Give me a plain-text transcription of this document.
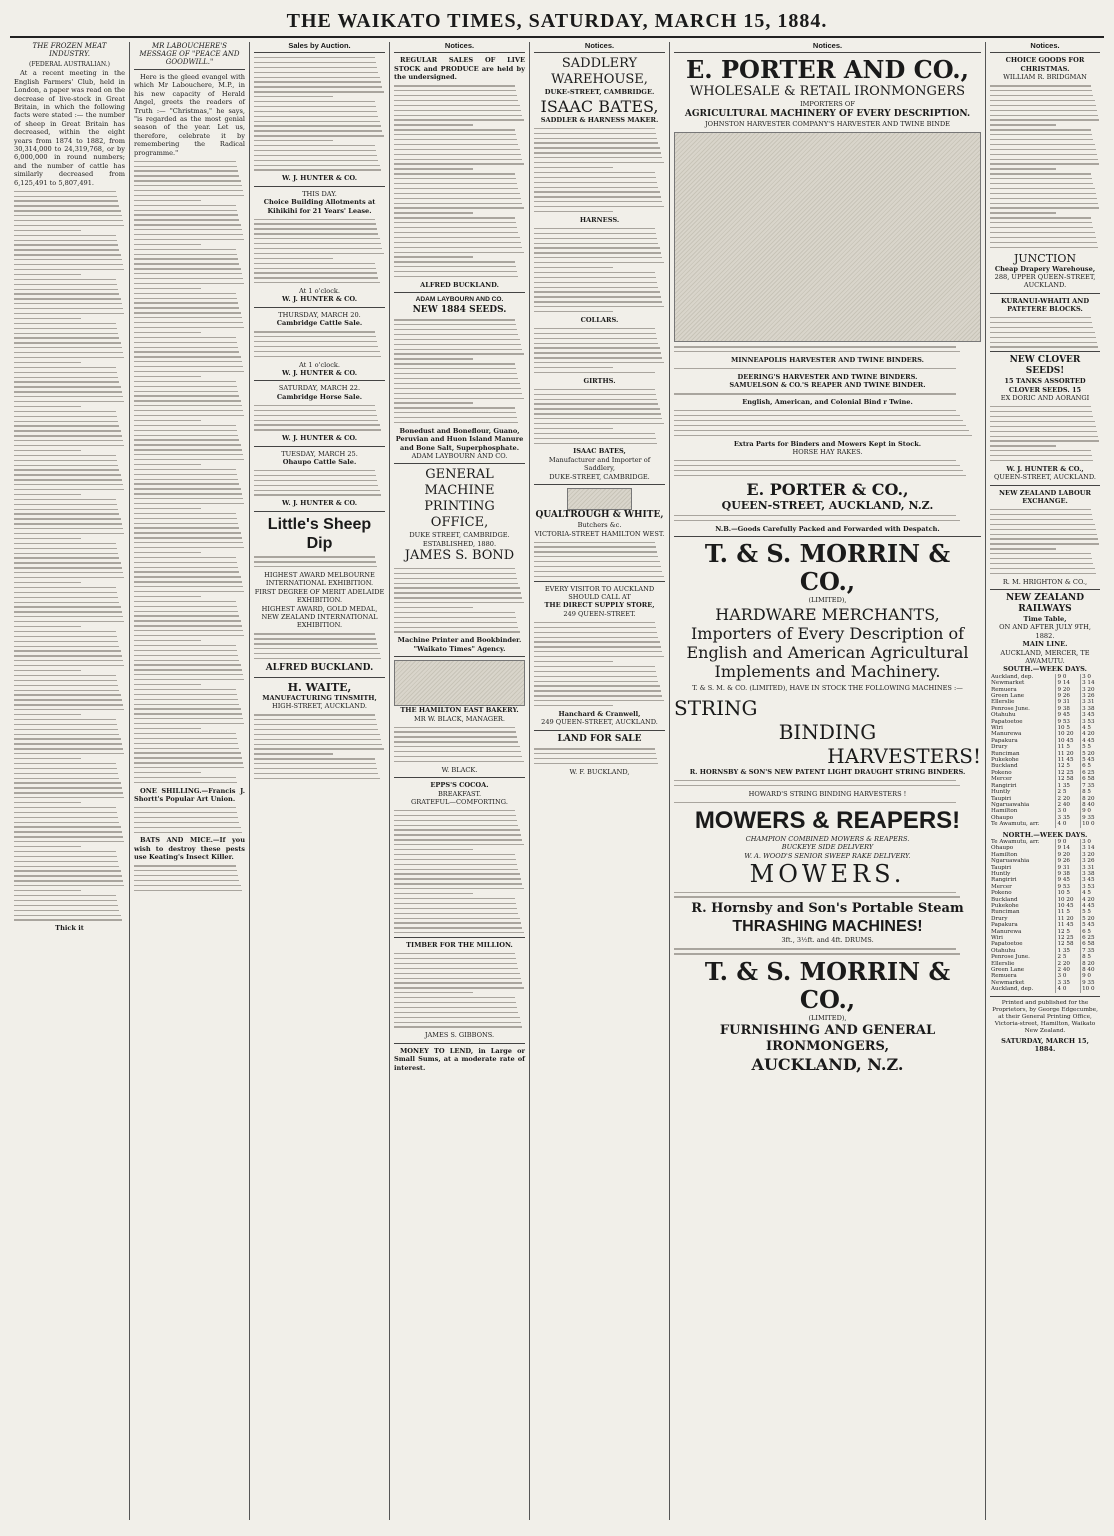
THE WAIKATO TIMES, SATURDAY, MARCH 15, 1884.
THE FROZEN MEAT INDUSTRY.
(FEDERAL AUSTRALIAN.)

At a recent meeting in the English Farmers' Club, held in London, a paper was read on the decrease of live-stock in Great Britain, in which the following facts were stated :— the number of sheep in Great Britain has decreased, within the eight years from 1874 to 1882, from 30,314,000 to 24,319,768, or by 6,000,000 in round numbers; and the number of cattle has similarly decreased from 6,125,491 to 5,807,491.

Thick it
MR LABOUCHERE'S MESSAGE OF "PEACE AND GOODWILL."

Here is the gleed evangel with which Mr Labouchere, M.P., in his new capacity of Herald Angel, greets the readers of Truth :— "Christmas," he says, "is regarded as the most genial season of the year. Let us, therefore, celebrate it by remembering the Radical programme."

ONE SHILLING.—Francis J. Shortt's Popular Art Union.

BATS AND MICE.—If you wish to destroy these pests use Keating's Insect Killer.

Sales by Auction.
W. J. HUNTER & CO.
THIS DAY.
Choice Building Allotments at Kihikihi for 21 Years' Lease.
At 1 o'clock.
W. J. HUNTER & CO.
THURSDAY, MARCH 20.
Cambridge Cattle Sale.
At 1 o'clock.
W. J. HUNTER & CO.
SATURDAY, MARCH 22.
Cambridge Horse Sale.
W. J. HUNTER & CO.
TUESDAY, MARCH 25.
Ohaupo Cattle Sale.
W. J. HUNTER & CO.
Little's Sheep Dip
HIGHEST AWARD MELBOURNE INTERNATIONAL EXHIBITION.
FIRST DEGREE OF MERIT ADELAIDE EXHIBITION.
HIGHEST AWARD, GOLD MEDAL, NEW ZEALAND INTERNATIONAL EXHIBITION.
ALFRED BUCKLAND.
H. WAITE,
MANUFACTURING TINSMITH,
HIGH-STREET, AUCKLAND.
Notices.

REGULAR SALES OF LIVE STOCK and PRODUCE are held by the undersigned.

ALFRED BUCKLAND.
ADAM LAYBOURN AND CO.
NEW 1884 SEEDS.
Bonedust and Boneflour, Guano, Peruvian and Huon Island Manure and Bone Salt, Superphosphate.
ADAM LAYBOURN AND CO.
GENERAL MACHINE PRINTING OFFICE,
DUKE STREET, CAMBRIDGE.
ESTABLISHED, 1880.
JAMES S. BOND
Machine Printer and Bookbinder.
"Waikato Times" Agency.
THE HAMILTON EAST BAKERY.
MR W. BLACK, MANAGER.
W. BLACK.
EPPS'S COCOA.
BREAKFAST.
GRATEFUL—COMFORTING.
TIMBER FOR THE MILLION.
JAMES S. GIBBONS.

MONEY TO LEND, in Large or Small Sums, at a moderate rate of interest.

Notices.
SADDLERY WAREHOUSE,
DUKE-STREET, CAMBRIDGE.
ISAAC BATES,
SADDLER & HARNESS MAKER.
HARNESS.
COLLARS.
GIRTHS.
ISAAC BATES,
Manufacturer and Importer of Saddlery,
DUKE-STREET, CAMBRIDGE.
QUALTROUGH & WHITE,
Butchers &c.
VICTORIA-STREET HAMILTON WEST.
EVERY VISITOR TO AUCKLAND SHOULD CALL AT
THE DIRECT SUPPLY STORE,
249 QUEEN-STREET.
Hanchard & Cranwell,
249 QUEEN-STREET, AUCKLAND.
LAND FOR SALE
W. F. BUCKLAND,
Notices.
E. PORTER AND CO.,
WHOLESALE & RETAIL IRONMONGERS
IMPORTERS OF
AGRICULTURAL MACHINERY OF EVERY DESCRIPTION.
JOHNSTON HARVESTER COMPANY'S HARVESTER AND TWINE BINDE
MINNEAPOLIS HARVESTER AND TWINE BINDERS.
DEERING'S HARVESTER AND TWINE BINDERS.
SAMUELSON & CO.'S REAPER AND TWINE BINDER.
English, American, and Colonial Bind r Twine.
Extra Parts for Binders and Mowers Kept in Stock.
HORSE HAY RAKES.
E. PORTER & CO.,
QUEEN-STREET, AUCKLAND, N.Z.
N.B.—Goods Carefully Packed and Forwarded with Despatch.
T. & S. MORRIN & CO.,
(LIMITED),
HARDWARE MERCHANTS,
Importers of Every Description of English and American Agricultural Implements and Machinery.
T. & S. M. & CO. (LIMITED), HAVE IN STOCK THE FOLLOWING MACHINES :—
STRING
BINDING
HARVESTERS!
R. HORNSBY & SON'S NEW PATENT LIGHT DRAUGHT STRING BINDERS.
HOWARD'S STRING BINDING HARVESTERS !
MOWERS & REAPERS!
CHAMPION COMBINED MOWERS & REAPERS.
BUCKEYE SIDE DELIVERY
W. A. WOOD'S SENIOR SWEEP RAKE DELIVERY.
MOWERS.
R. Hornsby and Son's Portable Steam
THRASHING MACHINES!
3ft., 3½ft. and 4ft. DRUMS.
T. & S. MORRIN & CO.,
(LIMITED),
FURNISHING AND GENERAL IRONMONGERS,
AUCKLAND, N.Z.
Notices.
CHOICE GOODS FOR CHRISTMAS.
WILLIAM R. BRIDGMAN
JUNCTION
Cheap Drapery Warehouse,
288, UPPER QUEEN-STREET, AUCKLAND.
KURANUI-WHAITI AND PATETERE BLOCKS.
NEW CLOVER SEEDS!
15 TANKS ASSORTED CLOVER SEEDS. 15
EX DORIC AND AORANGI
W. J. HUNTER & CO.,
QUEEN-STREET, AUCKLAND.
NEW ZEALAND LABOUR EXCHANGE.
R. M. HRIGHTON & CO.,
NEW ZEALAND RAILWAYS
Time Table,
ON AND AFTER JULY 9TH, 1882.
MAIN LINE.
AUCKLAND, MERCER, TE AWAMUTU.
SOUTH.—WEEK DAYS.
Auckland, dep.	9 0	3 0
Newmarket	9 14	3 14
Remuera	9 20	3 20
Green Lane	9 26	3 26
Ellerslie	9 31	3 31
Penrose June.	9 38	3 38
Otahuhu	9 45	3 45
Papatoetoe	9 53	3 53
Wiri	10 5	4 5
Manurewa	10 20	4 20
Papakura	10 45	4 45
Drury	11 5	5 5
Runciman	11 20	5 20
Pukekohe	11 45	5 45
Buckland	12 5	6 5
Pokeno	12 25	6 25
Mercer	12 58	6 58
Rangiriri	1 35	7 35
Huntly	2 5	8 5
Taupiri	2 20	8 20
Ngaruawahia	2 40	8 40
Hamilton	3 0	9 0
Ohaupo	3 35	9 35
Te Awamutu, arr.	4 0	10 0
NORTH.—WEEK DAYS.
Te Awamutu, arr.	9 0	3 0
Ohaupo	9 14	3 14
Hamilton	9 20	3 20
Ngaruawahia	9 26	3 26
Taupiri	9 31	3 31
Huntly	9 38	3 38
Rangiriri	9 45	3 45
Mercer	9 53	3 53
Pokeno	10 5	4 5
Buckland	10 20	4 20
Pukekohe	10 45	4 45
Runciman	11 5	5 5
Drury	11 20	5 20
Papakura	11 45	5 45
Manurewa	12 5	6 5
Wiri	12 25	6 25
Papatoetoe	12 58	6 58
Otahuhu	1 35	7 35
Penrose June.	2 5	8 5
Ellerslie	2 20	8 20
Green Lane	2 40	8 40
Remuera	3 0	9 0
Newmarket	3 35	9 35
Auckland, dep.	4 0	10 0
Printed and published for the Proprietors, by George Edgecumbe, at their General Printing Office, Victoria-street, Hamilton, Waikato New Zealand.
SATURDAY, MARCH 15, 1884.
